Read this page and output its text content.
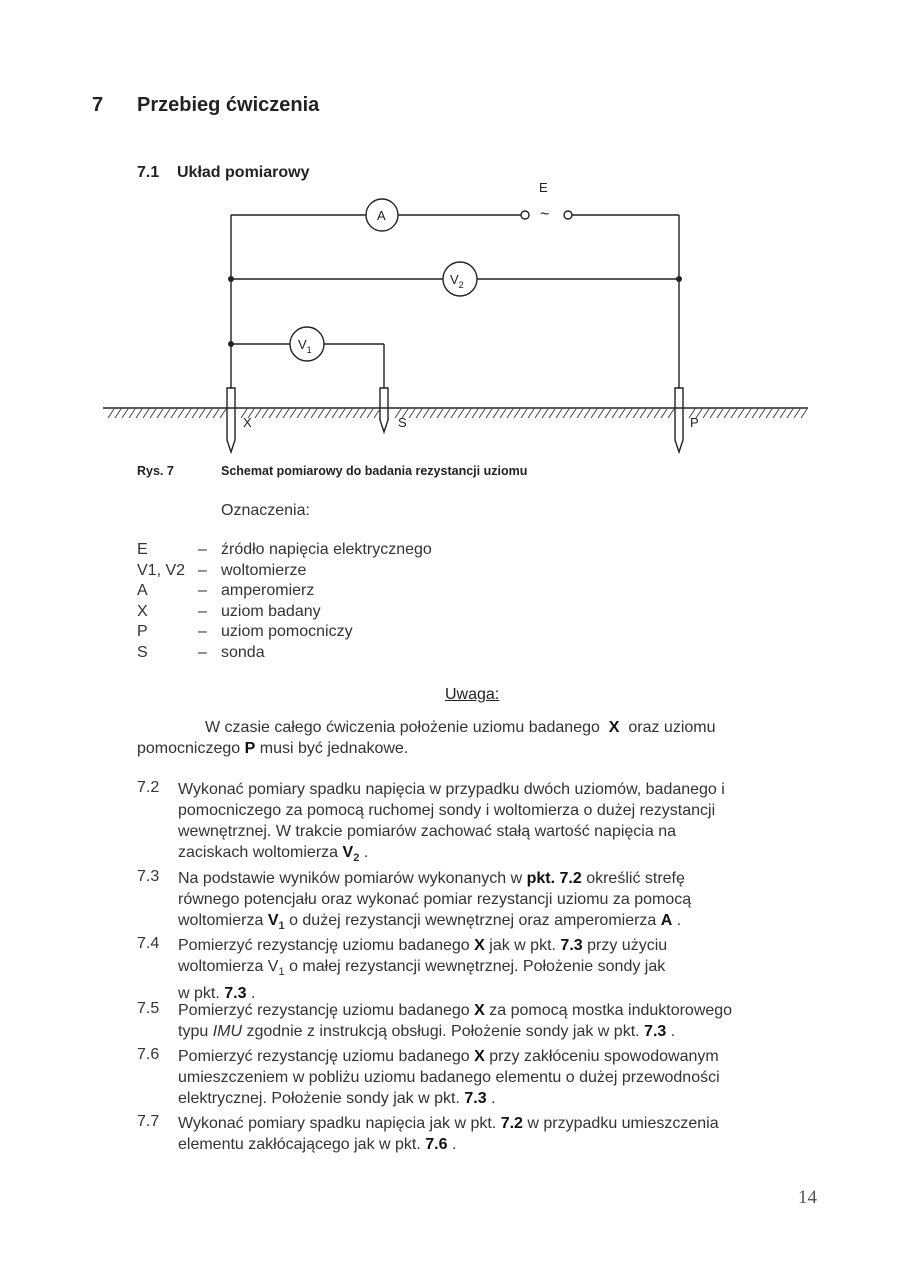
7 Przebieg ćwiczenia
7.1 Układ pomiarowy
E
~
A
$V_2$
$V_1$
X	S	P
Rys. 7	Schemat pomiarowy do badania rezystancji uziomu
Oznaczenia:
E	– źródło napięcia elektrycznego
V1, V2 – woltomierze
A	– amperomierz
X	– uziom badany
P	– uziom pomocniczy
S	– sonda
Uwaga:
W czasie całego ćwiczenia położenie uziomu badanego X oraz uziomu
pomocniczego P musi być jednakowe.
7.2 Wykonać pomiary spadku napięcia w przypadku dwóch uziomów, badanego i
pomocniczego za pomocą ruchomej sondy i woltomierza o dużej rezystancji
wewnętrznej. W trakcie pomiarów zachować stałą wartość napięcia na
zaciskach woltomierza $V_2$ .
7.3 Na podstawie wyników pomiarów wykonanych w pkt. 7.2 określić strefę
równego potencjału oraz wykonać pomiar rezystancji uziomu za pomocą
woltomierza $V_1$ o dużej rezystancji wewnętrznej oraz amperomierza A .
7.4 Pomierzyć rezystancję uziomu badanego X jak w pkt. 7.3 przy użyciu
woltomierza $V_1$ o małej rezystancji wewnętrznej. Położenie sondy jak
w pkt. 7.3 .
7.5 Pomierzyć rezystancję uziomu badanego X za pomocą mostka induktorowego
typu IMU zgodnie z instrukcją obsługi. Położenie sondy jak w pkt. 7.3 .
7.6 Pomierzyć rezystancję uziomu badanego X przy zakłóceniu spowodowanym
umieszczeniem w pobliżu uziomu badanego elementu o dużej przewodności
elektrycznej. Położenie sondy jak w pkt. 7.3 .
7.7 Wykonać pomiary spadku napięcia jak w pkt. 7.2 w przypadku umieszczenia
elementu zakłócającego jak w pkt. 7.6 .
14
